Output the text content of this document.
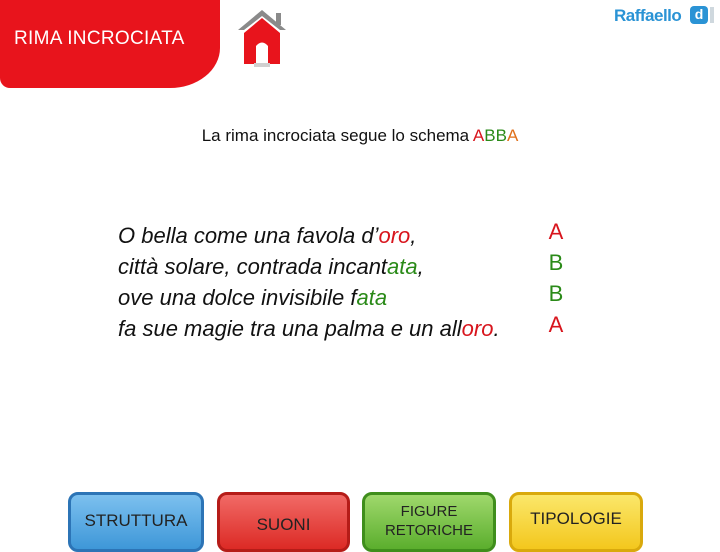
RIMA INCROCIATA
Raffaello d
La rima incrociata segue lo schema ABBA
O bella come una favola d’oro,
città solare, contrada incantata,
ove una dolce invisibile fata
fa sue magie tra una palma e un alloro.
A
B
B
A
STRUTTURA	SUONI
FIGURE
RETORICHE
TIPOLOGIE
